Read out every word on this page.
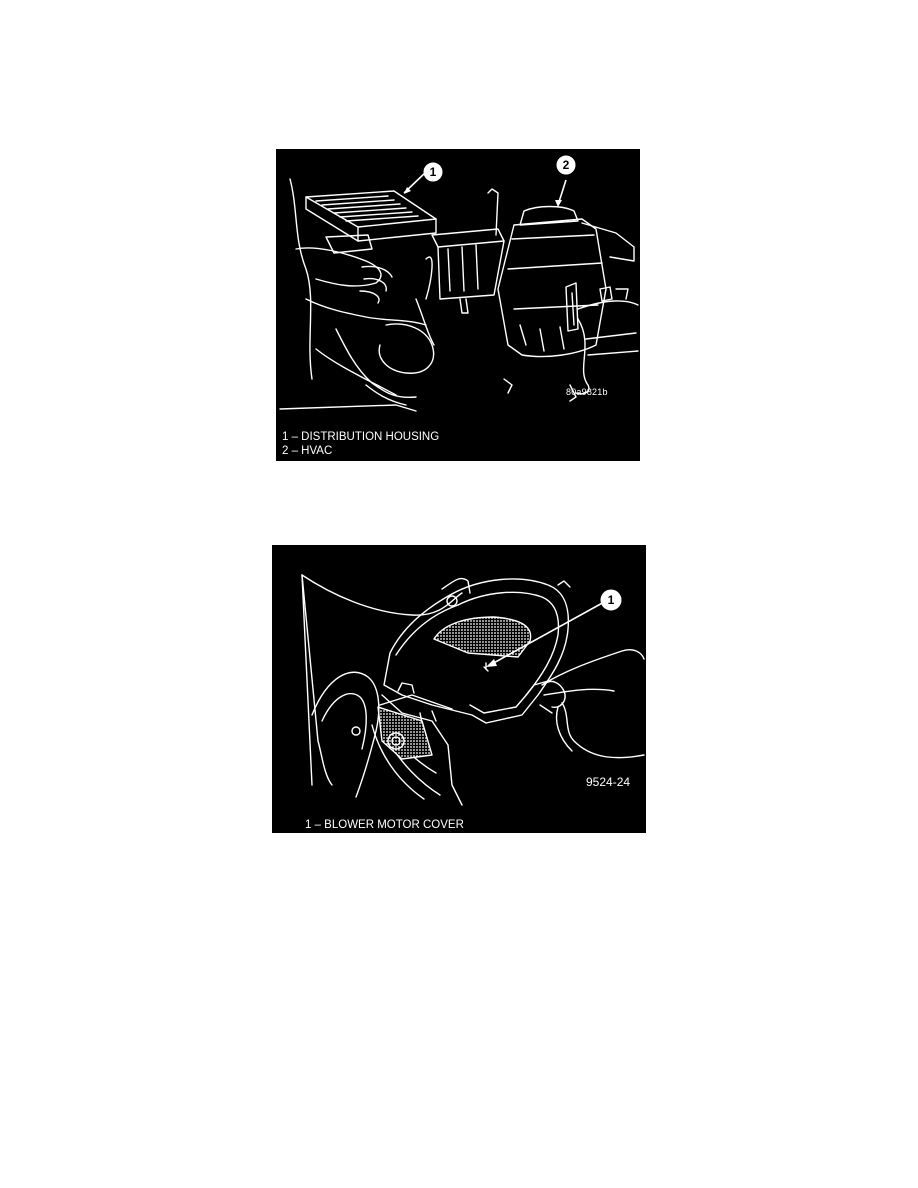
1	2
80a9821b
1 – DISTRIBUTION HOUSING
2 – HVAC
1
9524-24
1 – BLOWER MOTOR COVER
